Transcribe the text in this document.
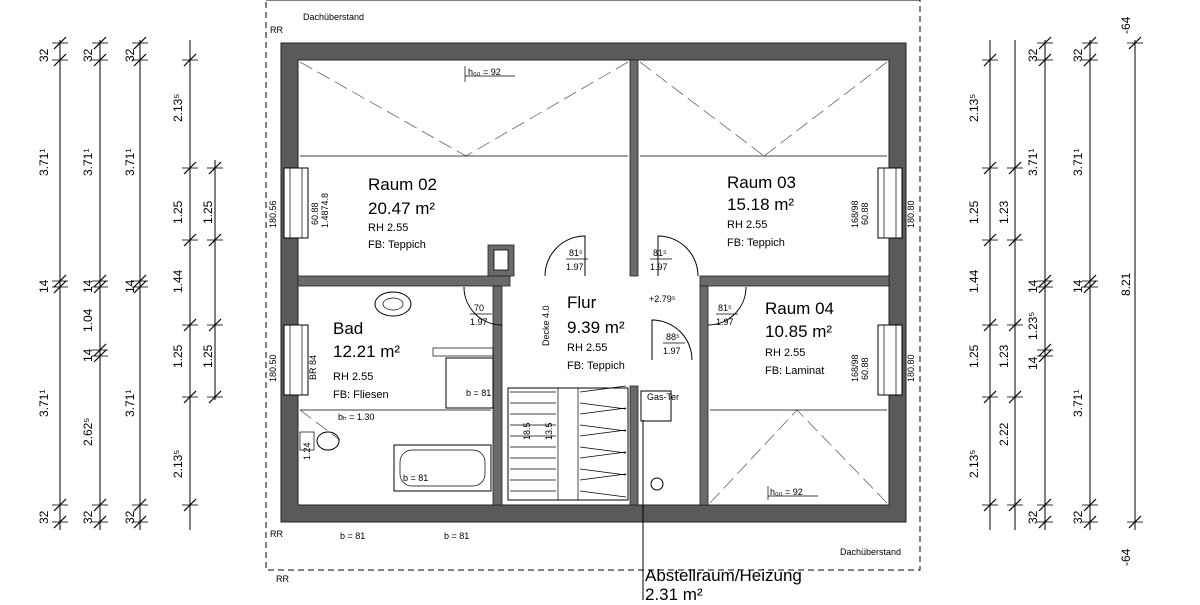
Dachüberstand
Dachüberstand
RR
RR
RR	Abstellraum/Heizung
2.31 m²
Raum 02
20.47 m²
RH 2.55
FB: Teppich
Raum 03
15.18 m²
RH 2.55
FB: Teppich
Raum 04
10.85 m²
RH 2.55
FB: Laminat
Bad
12.21 m²
RH 2.55
FB: Fliesen
Flur
9.39 m²
RH 2.55
FB: Teppich
h₀₀ = 92
h₀₀ = 92
180.56	60.88 1.4874.8	180.80
168/98 60.88
180.50	180.80
168/98 60.88
BR 84
81⁵
1.97
81⁵
1.97
70
1.97
81⁵
1.97
88⁵
1.97
+2.79⁵
Decke 4.0
bₕ = 1.30
b = 81
b = 81
b = 81	b = 81
1.24
Gas-Ter
18.5 13.5
32
3.71¹
14
3.71¹
32
32
3.71¹
14
1.04
14
2.62⁵
32
32
3.71¹
14
3.71¹
32
2.13⁵
1.25
1.44
1.25
2.13⁵
1.25
1.25
2.13⁵
1.25
1.44
1.25
2.13⁵
1.23
1.23
2.22
32
3.71¹
14
1.23⁵
14
32
32
3.71¹
14
3.71¹
32
-64
8.21
-64
